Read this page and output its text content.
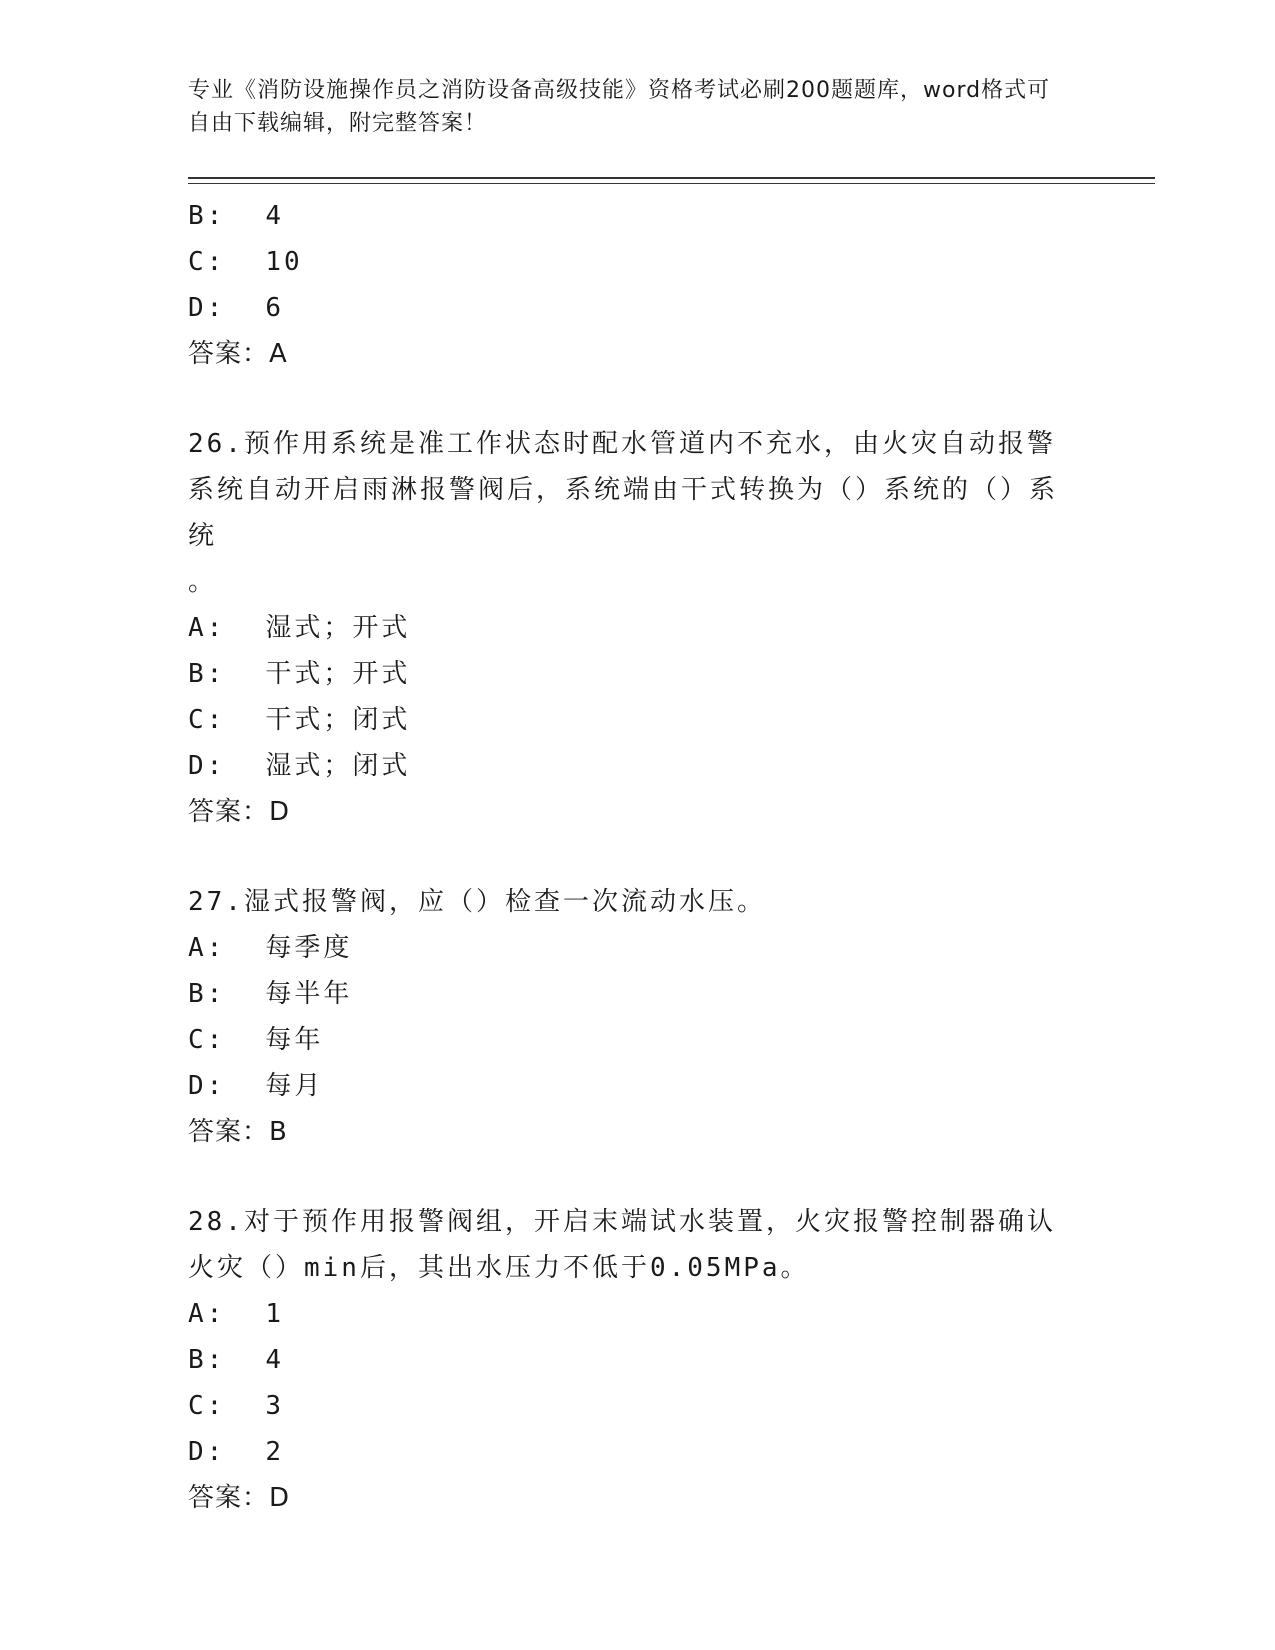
专业《消防设施操作员之消防设备高级技能》资格考试必刷200题题库，word格式可自由下载编辑，附完整答案！
B: 4
C: 10
D: 6
答案：A
26.预作用系统是准工作状态时配水管道内不充水，由火灾自动报警系统自动开启雨淋报警阀后，系统端由干式转换为（）系统的（）系统
。
A: 湿式；开式
B: 干式；开式
C: 干式；闭式
D: 湿式；闭式
答案：D
27.湿式报警阀，应（）检查一次流动水压。
A: 每季度
B: 每半年
C: 每年
D: 每月
答案：B
28.对于预作用报警阀组，开启末端试水装置，火灾报警控制器确认火灾（）min后，其出水压力不低于0.05MPa。
A: 1
B: 4
C: 3
D: 2
答案：D
